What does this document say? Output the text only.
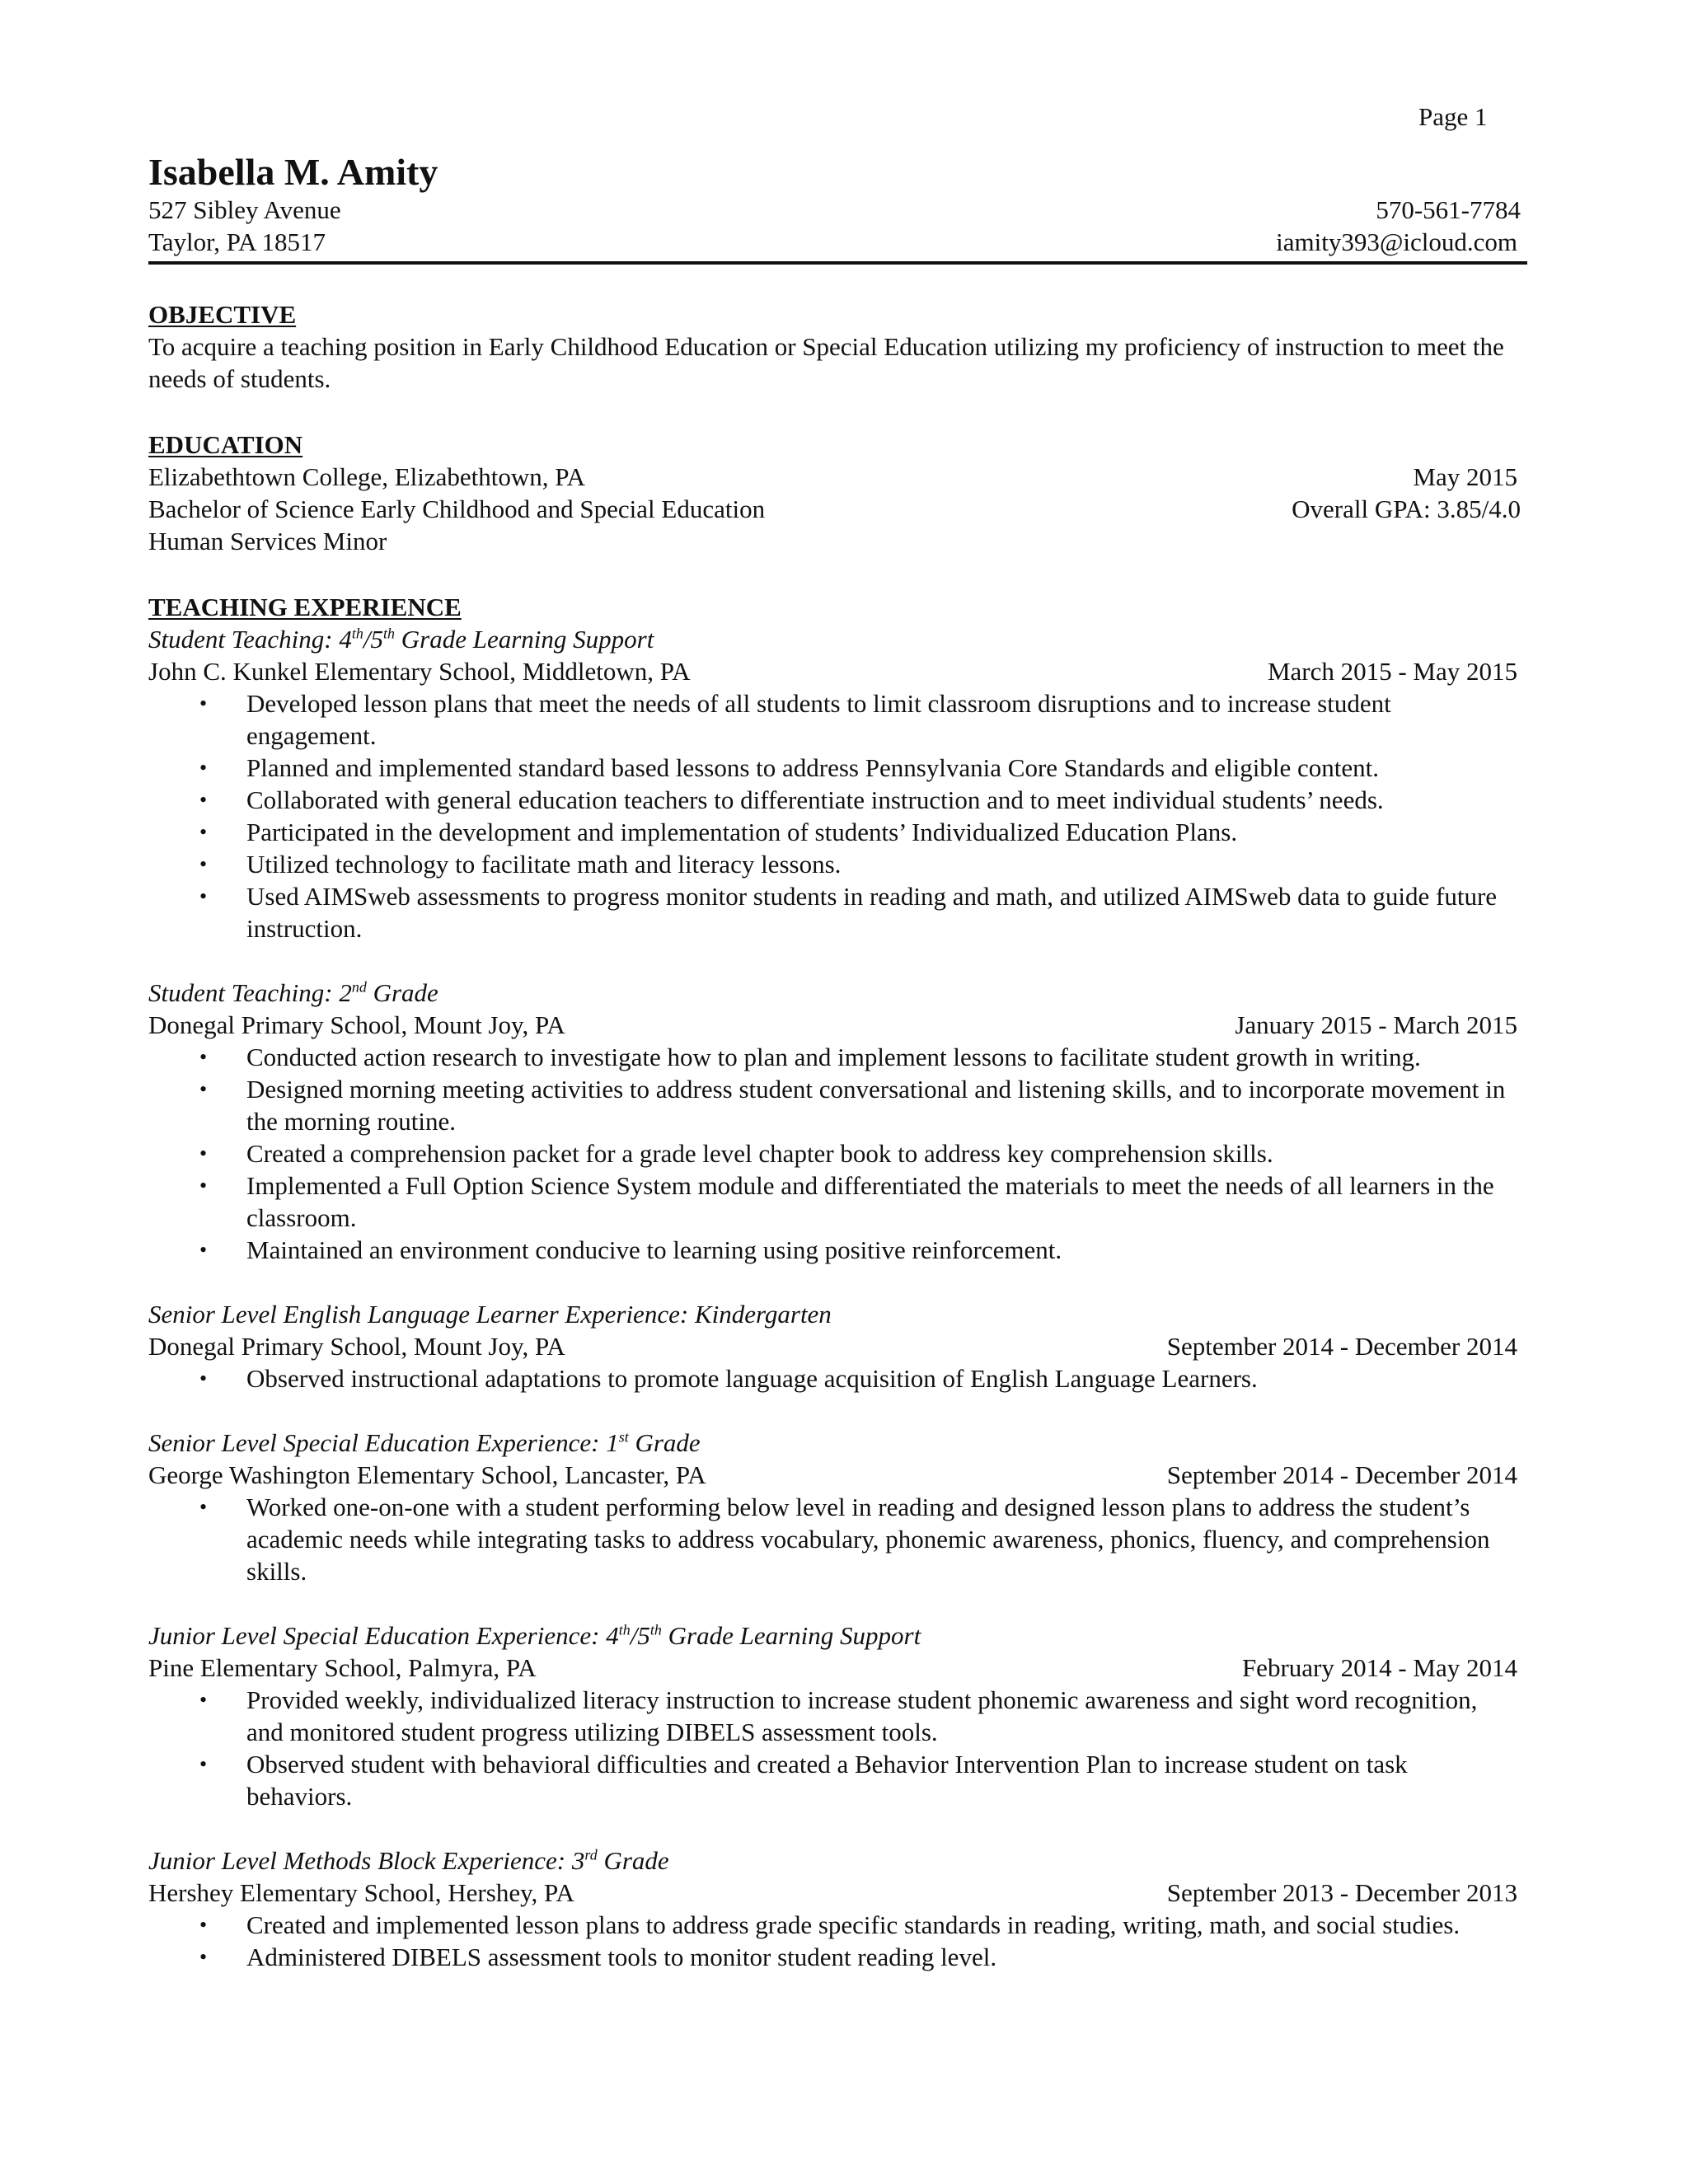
Page 1
Isabella M. Amity
527 Sibley Avenue	570-561-7784
Taylor, PA 18517	iamity393@icloud.com
OBJECTIVE
To acquire a teaching position in Early Childhood Education or Special Education utilizing my proficiency of instruction to meet the needs of students.
EDUCATION
Elizabethtown College, Elizabethtown, PA	May 2015
Bachelor of Science Early Childhood and Special Education	Overall GPA: 3.85/4.0
Human Services Minor
TEACHING EXPERIENCE
Student Teaching: 4th/5th Grade Learning Support
John C. Kunkel Elementary School, Middletown, PA	March 2015 - May 2015
• Developed lesson plans that meet the needs of all students to limit classroom disruptions and to increase student engagement.
• Planned and implemented standard based lessons to address Pennsylvania Core Standards and eligible content.
• Collaborated with general education teachers to differentiate instruction and to meet individual students’ needs.
• Participated in the development and implementation of students’ Individualized Education Plans.
• Utilized technology to facilitate math and literacy lessons.
• Used AIMSweb assessments to progress monitor students in reading and math, and utilized AIMSweb data to guide future instruction.
Student Teaching: 2nd Grade
Donegal Primary School, Mount Joy, PA	January 2015 - March 2015
• Conducted action research to investigate how to plan and implement lessons to facilitate student growth in writing.
• Designed morning meeting activities to address student conversational and listening skills, and to incorporate movement in the morning routine.
• Created a comprehension packet for a grade level chapter book to address key comprehension skills.
• Implemented a Full Option Science System module and differentiated the materials to meet the needs of all learners in the classroom.
• Maintained an environment conducive to learning using positive reinforcement.
Senior Level English Language Learner Experience: Kindergarten
Donegal Primary School, Mount Joy, PA	September 2014 - December 2014
• Observed instructional adaptations to promote language acquisition of English Language Learners.
Senior Level Special Education Experience: 1st Grade
George Washington Elementary School, Lancaster, PA	September 2014 - December 2014
• Worked one-on-one with a student performing below level in reading and designed lesson plans to address the student’s academic needs while integrating tasks to address vocabulary, phonemic awareness, phonics, fluency, and comprehension skills.
Junior Level Special Education Experience: 4th/5th Grade Learning Support
Pine Elementary School, Palmyra, PA	February 2014 - May 2014
• Provided weekly, individualized literacy instruction to increase student phonemic awareness and sight word recognition, and monitored student progress utilizing DIBELS assessment tools.
• Observed student with behavioral difficulties and created a Behavior Intervention Plan to increase student on task behaviors.
Junior Level Methods Block Experience: 3rd Grade
Hershey Elementary School, Hershey, PA	September 2013 - December 2013
• Created and implemented lesson plans to address grade specific standards in reading, writing, math, and social studies.
• Administered DIBELS assessment tools to monitor student reading level.
